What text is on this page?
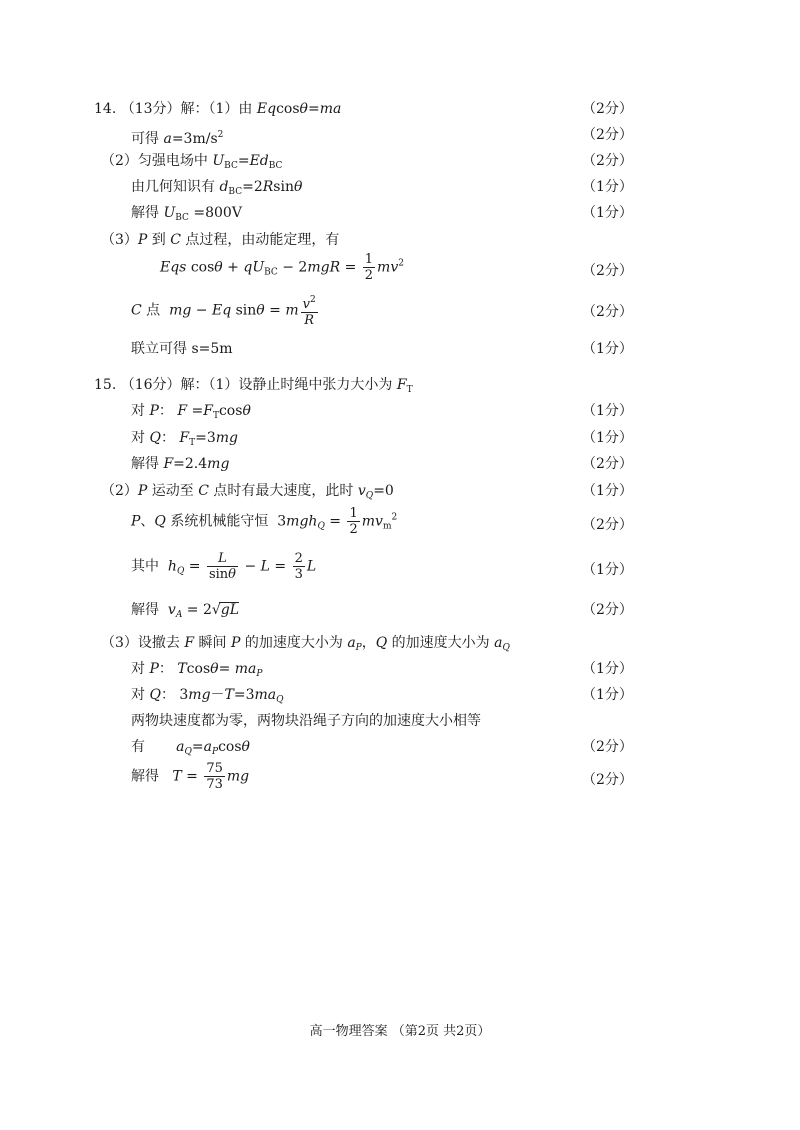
14. （13分）解：（1）由 Eqcosθ=ma	（2分）
可得 $a=3m/s^2$	（2分）
（2）匀强电场中 $U_{BC}=Ed_{BC}$	（2分）
由几何知识有 $d_{BC}=2Rsin\theta$	（1分）
解得 $U_{BC} =800V$	（1分）
（3）P 到 C 点过程，由动能定理，有
Eqs $\cos\theta + qU_{BC} - 2mgR = \frac{1}{2} mv^2$	（2分）
C 点  mg − Eq sinθ = m $\frac{v^2}{R}$	（2分）
联立可得 s=5m	（1分）
15. （16分）解：（1）设静止时绳中张力大小为 $F_T$
对 P： $F =F_T\cos\theta$	（1分）
对 Q： $F_T=3mg$	（1分）
解得 F=2.4mg	（2分）
（2）P 运动至 C 点时有最大速度，此时 $v_Q=0$	（1分）
P、Q 系统机械能守恒  $3mgh_Q = \frac{1}{2} mv_m^2$	（2分）
其中  $h_Q = \frac{L}{\sin\theta} - L = \frac{2}{3}$ L	（1分）
解得  $v_A = 2√gL$	（2分）
（3）设撤去 F 瞬间 P 的加速度大小为 $a_P$，Q 的加速度大小为 $a_Q$
对 P： $Tcos\theta= ma_P$	（1分）
对 Q： $3mg-T=3ma_Q$	（1分）
两物块速度都为零，两物块沿绳子方向的加速度大小相等
有       $a_Q=a_P\cos\theta$	（2分）
解得   $T = \frac{75}{73}$ mg	（2分）
高一物理答案 （第2页 共2页）
